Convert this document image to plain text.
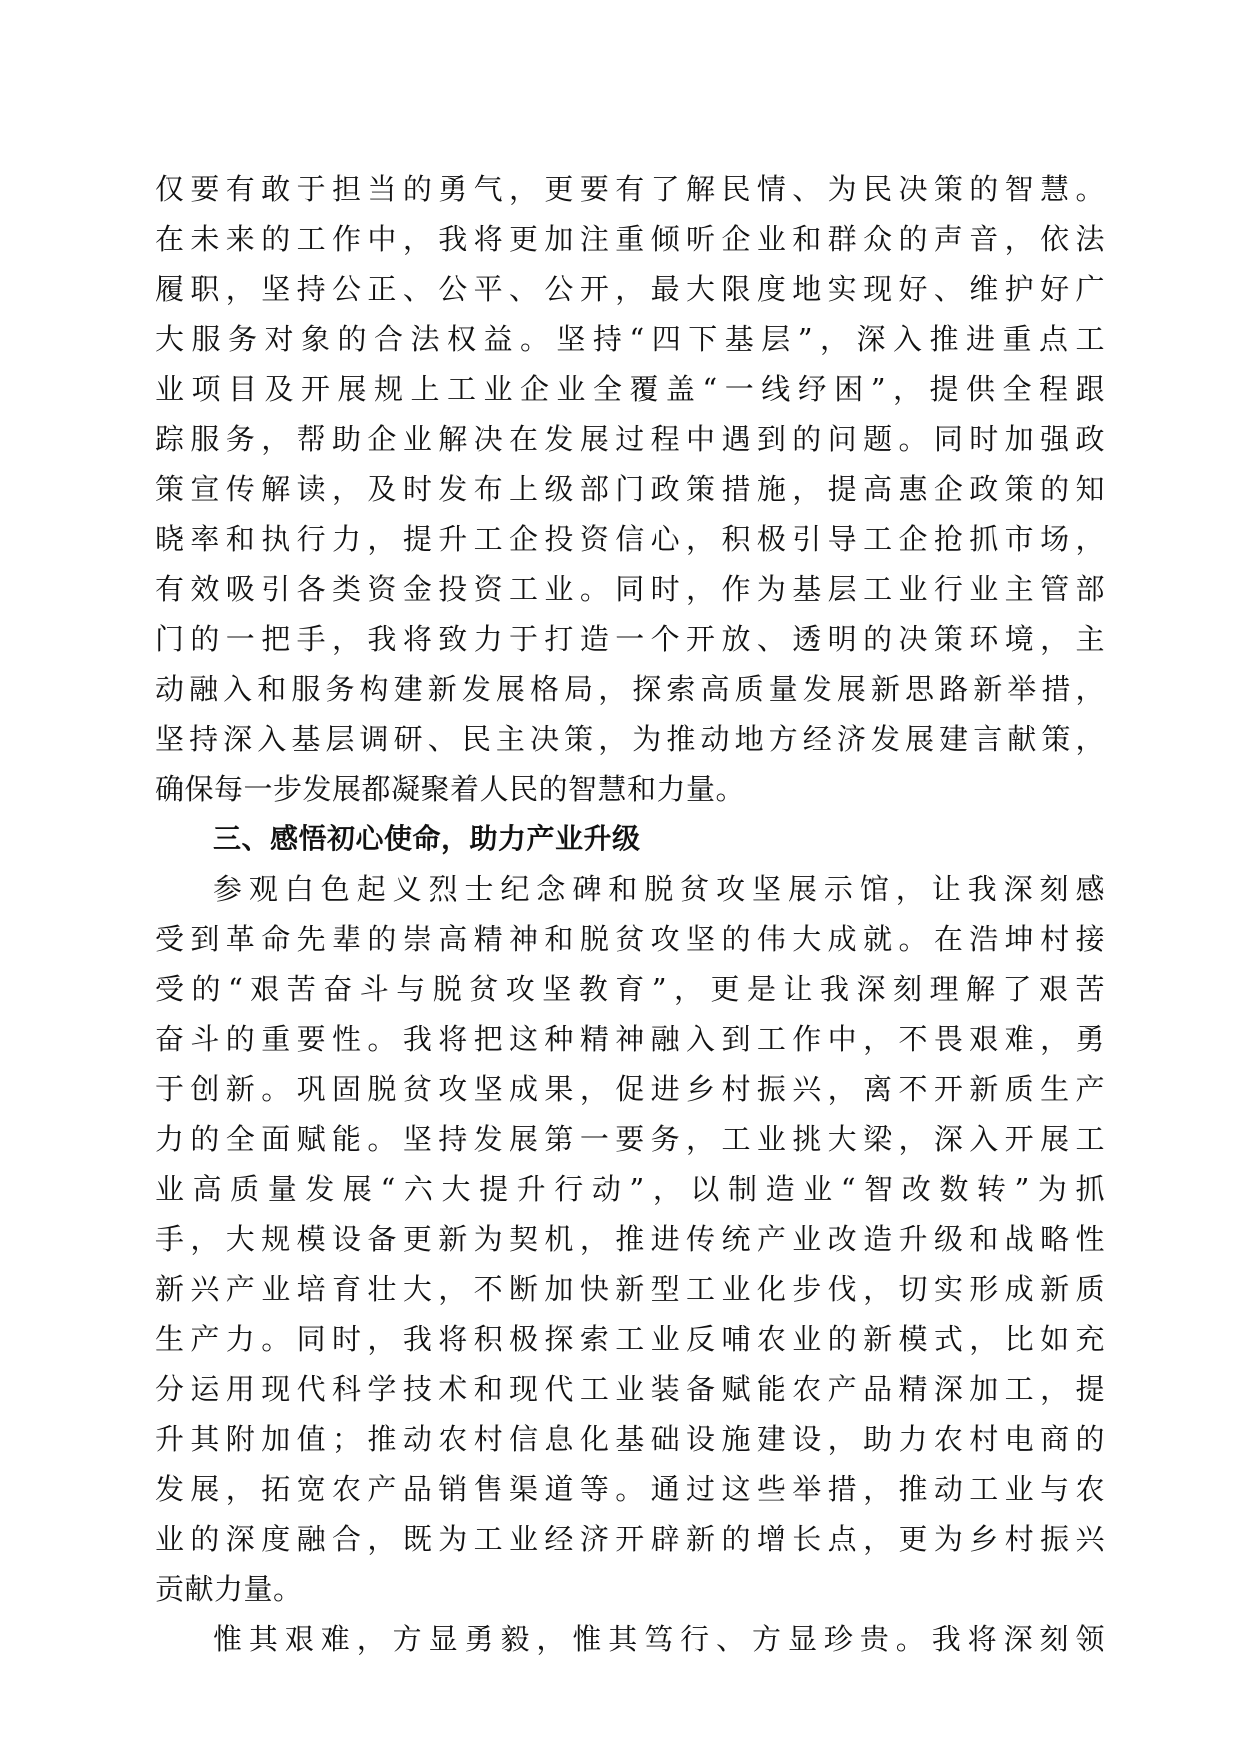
仅要有敢于担当的勇气，更要有了解民情、为民决策的智慧。
在未来的工作中，我将更加注重倾听企业和群众的声音，依法
履职，坚持公正、公平、公开，最大限度地实现好、维护好广
大服务对象的合法权益。坚持“四下基层”，深入推进重点工
业项目及开展规上工业企业全覆盖“一线纾困”，提供全程跟
踪服务，帮助企业解决在发展过程中遇到的问题。同时加强政
策宣传解读，及时发布上级部门政策措施，提高惠企政策的知
晓率和执行力，提升工企投资信心，积极引导工企抢抓市场，
有效吸引各类资金投资工业。同时，作为基层工业行业主管部
门的一把手，我将致力于打造一个开放、透明的决策环境，主
动融入和服务构建新发展格局，探索高质量发展新思路新举措，
坚持深入基层调研、民主决策，为推动地方经济发展建言献策，
确保每一步发展都凝聚着人民的智慧和力量。
三、感悟初心使命，助力产业升级
参观白色起义烈士纪念碑和脱贫攻坚展示馆，让我深刻感
受到革命先辈的崇高精神和脱贫攻坚的伟大成就。在浩坤村接
受的“艰苦奋斗与脱贫攻坚教育”，更是让我深刻理解了艰苦
奋斗的重要性。我将把这种精神融入到工作中，不畏艰难，勇
于创新。巩固脱贫攻坚成果，促进乡村振兴，离不开新质生产
力的全面赋能。坚持发展第一要务，工业挑大梁，深入开展工
业高质量发展“六大提升行动”，以制造业“智改数转”为抓
手，大规模设备更新为契机，推进传统产业改造升级和战略性
新兴产业培育壮大，不断加快新型工业化步伐，切实形成新质
生产力。同时，我将积极探索工业反哺农业的新模式，比如充
分运用现代科学技术和现代工业装备赋能农产品精深加工，提
升其附加值；推动农村信息化基础设施建设，助力农村电商的
发展，拓宽农产品销售渠道等。通过这些举措，推动工业与农
业的深度融合，既为工业经济开辟新的增长点，更为乡村振兴
贡献力量。
惟其艰难，方显勇毅，惟其笃行、方显珍贵。我将深刻领
